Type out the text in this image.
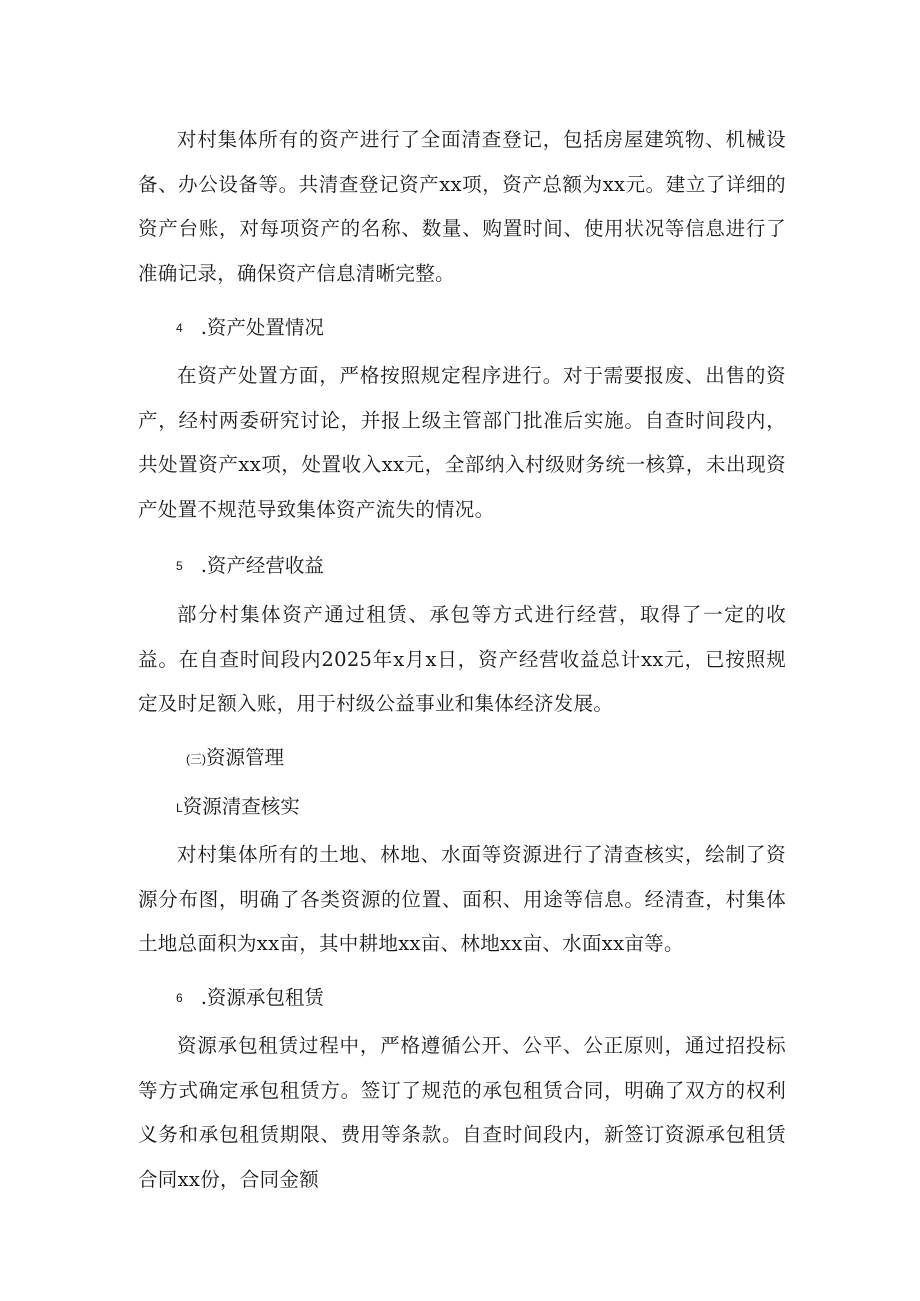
对村集体所有的资产进行了全面清查登记，包括房屋建筑物、机械设备、办公设备等。共清查登记资产xx项，资产总额为xx元。建立了详细的资产台账，对每项资产的名称、数量、购置时间、使用状况等信息进行了准确记录，确保资产信息清晰完整。

4 .资产处置情况

在资产处置方面，严格按照规定程序进行。对于需要报废、出售的资产，经村两委研究讨论，并报上级主管部门批准后实施。自查时间段内，共处置资产xx项，处置收入xx元，全部纳入村级财务统一核算，未出现资产处置不规范导致集体资产流失的情况。

5 .资产经营收益

部分村集体资产通过租赁、承包等方式进行经营，取得了一定的收益。在自查时间段内2025年x月x日，资产经营收益总计xx元，已按照规定及时足额入账，用于村级公益事业和集体经济发展。

(三)资源管理
L资源清查核实

对村集体所有的土地、林地、水面等资源进行了清查核实，绘制了资源分布图，明确了各类资源的位置、面积、用途等信息。经清查，村集体土地总面积为xx亩，其中耕地xx亩、林地xx亩、水面xx亩等。

6 .资源承包租赁

资源承包租赁过程中，严格遵循公开、公平、公正原则，通过招投标等方式确定承包租赁方。签订了规范的承包租赁合同，明确了双方的权利义务和承包租赁期限、费用等条款。自查时间段内，新签订资源承包租赁合同xx份，合同金额
